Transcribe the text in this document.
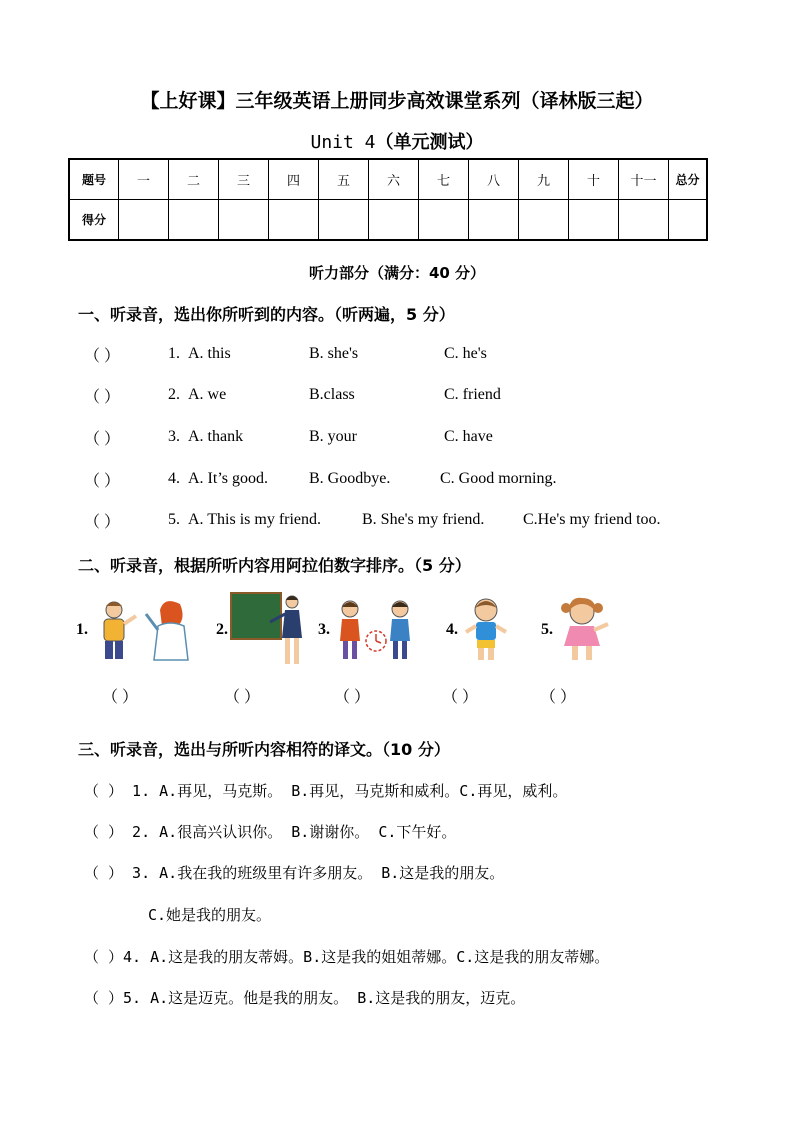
【上好课】三年级英语上册同步高效课堂系列（译林版三起）
Unit 4（单元测试）
题号	一	二	三	四	五	六	七	八	九	十	十一	总分
得分												
听力部分（满分：40 分）
一、听录音，选出你所听到的内容。（听两遍，5 分）
（ ）	1. A. this	B. she's	C. he's
（ ）	2. A. we	B.class	C. friend
（ ）	3. A. thank	B. your	C. have
（ ）	4. A. It’s good.	B. Goodbye.	C. Good morning.
（ ）	5. A. This is my friend.	B. She's my friend. C.He's my friend too.
二、听录音，根据所听内容用阿拉伯数字排序。（5 分）
1.	2.	3.	4.	5.
（ ）	（ ）	（ ）	（ ）	（ ）
三、听录音，选出与所听内容相符的译文。（10 分）
（ ） 1. A.再见，马克斯。 B.再见，马克斯和威利。C.再见，威利。
（ ） 2. A.很高兴认识你。 B.谢谢你。 C.下午好。
（ ） 3. A.我在我的班级里有许多朋友。 B.这是我的朋友。
C.她是我的朋友。
（ ）4. A.这是我的朋友蒂姆。B.这是我的姐姐蒂娜。C.这是我的朋友蒂娜。
（ ）5. A.这是迈克。他是我的朋友。 B.这是我的朋友，迈克。
